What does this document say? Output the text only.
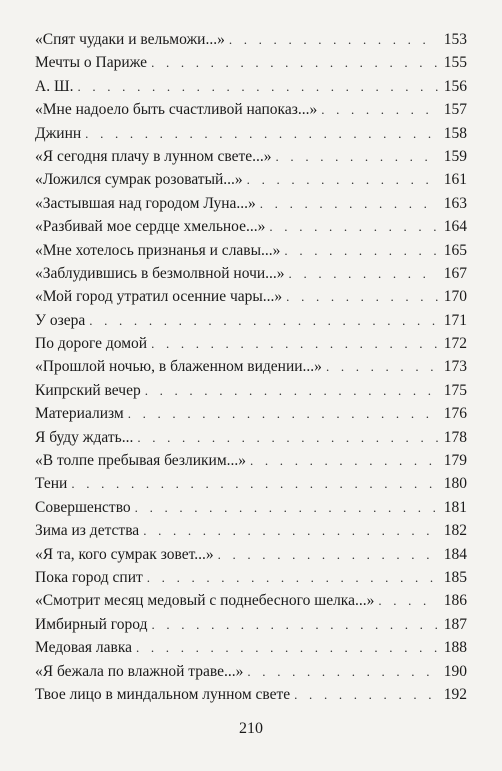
«Спят чудаки и вельможи...» . . .	153
Мечты о Париже . . .	155
А. Ш. . . .	156
«Мне надоело быть счастливой напоказ...» . . .	157
Джинн . . .	158
«Я сегодня плачу в лунном свете...» . . .	159
«Ложился сумрак розоватый...» . . .	161
«Застывшая над городом Луна...» . . .	163
«Разбивай мое сердце хмельное...» . . .	164
«Мне хотелось признанья и славы...» . . .	165
«Заблудившись в безмолвной ночи...» . . .	167
«Мой город утратил осенние чары...» . . .	170
У озера . . .	171
По дороге домой . . .	172
«Прошлой ночью, в блаженном видении...» . . .	173
Кипрский вечер . . .	175
Материализм . . .	176
Я буду ждать... . . .	178
«В толпе пребывая безликим...» . . .	179
Тени . . .	180
Совершенство . . .	181
Зима из детства . . .	182
«Я та, кого сумрак зовет...» . . .	184
Пока город спит . . .	185
«Смотрит месяц медовый с поднебесного шелка...» . . .	186
Имбирный город . . .	187
Медовая лавка . . .	188
«Я бежала по влажной траве...» . . .	190
Твое лицо в миндальном лунном свете . . .	192
210
